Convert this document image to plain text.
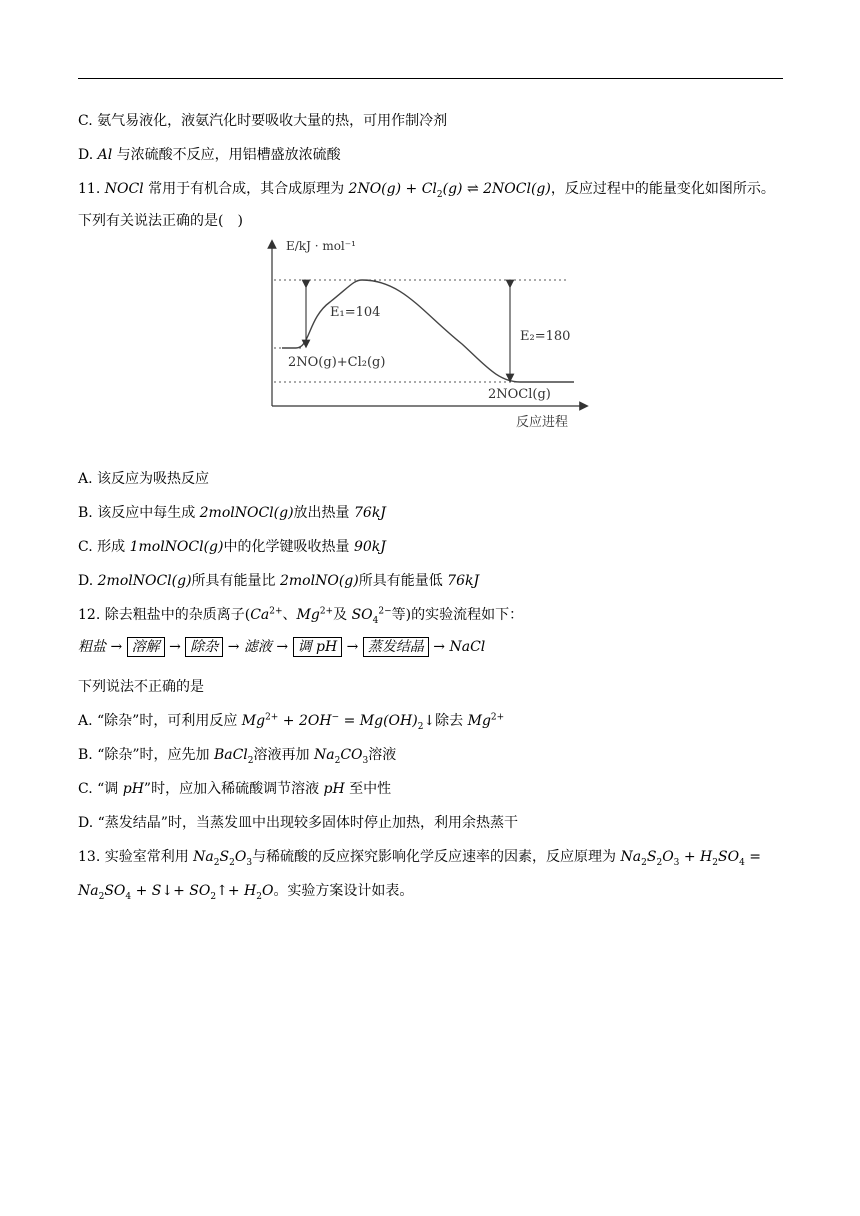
C. 氨气易液化，液氨汽化时要吸收大量的热，可用作制冷剂
D. Al 与浓硫酸不反应，用铝槽盛放浓硫酸
11. NOCl 常用于有机合成，其合成原理为 $2NO(g) + Cl_2(g)$ ⇌ 2NOCl(g)，反应过程中的能量变化如图所示。
下列有关说法正确的是(　)
E/kJ · mol⁻¹
E₁=104
E₂=180
2NO(g)+Cl₂(g)
2NOCl(g)
反应进程
A. 该反应为吸热反应
B. 该反应中每生成 2molNOCl(g)放出热量 76kJ
C. 形成 1molNOCl(g)中的化学键吸收热量 90kJ
D. 2molNOCl(g)所具有能量比 2molNO(g)所具有能量低 76kJ
12. 除去粗盐中的杂质离子($Ca^{2+}$、$Mg^{2+}$及 $SO_4^{2-}$等)的实验流程如下：
粗盐 → 溶解 → 除杂 → 滤液 → 调 pH → 蒸发结晶 → NaCl
下列说法不正确的是
A. “除杂”时，可利用反应 $Mg^{2+} + 2OH^-$ = $Mg(OH)_2↓$除去 $Mg^{2+}$
B. “除杂”时，应先加 BaCl$_2$溶液再加 $Na_2CO_3$溶液
C. “调 pH”时，应加入稀硫酸调节溶液 pH 至中性
D. “蒸发结晶”时，当蒸发皿中出现较多固体时停止加热，利用余热蒸干
13. 实验室常利用 $Na_2S_2O_3$与稀硫酸的反应探究影响化学反应速率的因素，反应原理为 $Na_2S_2O_3 + H_2SO_4$ =
$Na_2SO_4$ + S↓+ $SO_2↑+ H_2O$。实验方案设计如表。
